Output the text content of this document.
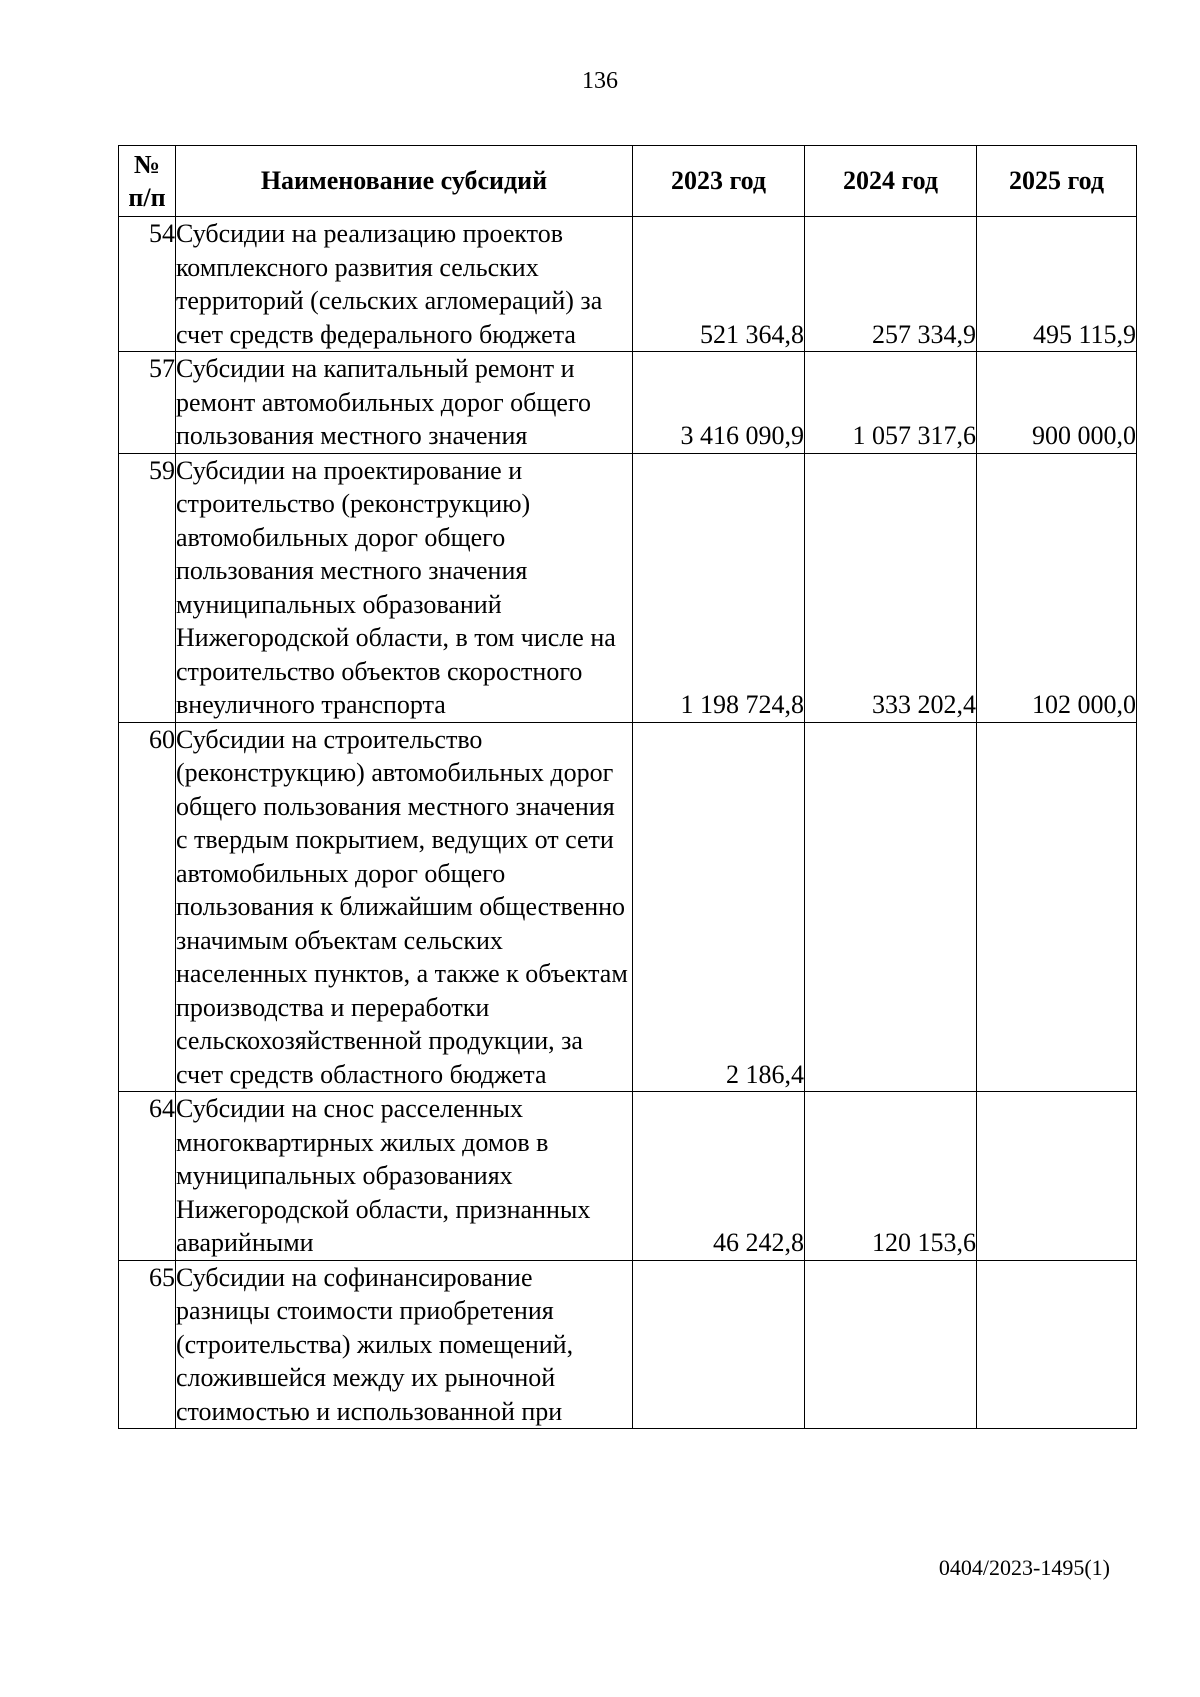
136
№
п/п	Наименование субсидий	2023 год	2024 год	2025 год
54	Субсидии на реализацию проектов комплексного развития сельских территорий (сельских агломераций) за счет средств федерального бюджета	521 364,8	257 334,9	495 115,9
57	Субсидии на капитальный ремонт и ремонт автомобильных дорог общего пользования местного значения	3 416 090,9	1 057 317,6	900 000,0
59	Субсидии на проектирование и строительство (реконструкцию) автомобильных дорог общего пользования местного значения муниципальных образований Нижегородской области, в том числе на строительство объектов скоростного внеуличного транспорта	1 198 724,8	333 202,4	102 000,0
60	Субсидии на строительство (реконструкцию) автомобильных дорог общего пользования местного значения с твердым покрытием, ведущих от сети автомобильных дорог общего пользования к ближайшим общественно значимым объектам сельских населенных пунктов, а также к объектам производства и переработки сельскохозяйственной продукции, за счет средств областного бюджета	2 186,4		
64	Субсидии на снос расселенных многоквартирных жилых домов в муниципальных образованиях Нижегородской области, признанных аварийными	46 242,8	120 153,6	
65	Субсидии на софинансирование разницы стоимости приобретения (строительства) жилых помещений, сложившейся между их рыночной стоимостью и использованной при			
0404/2023-1495(1)
